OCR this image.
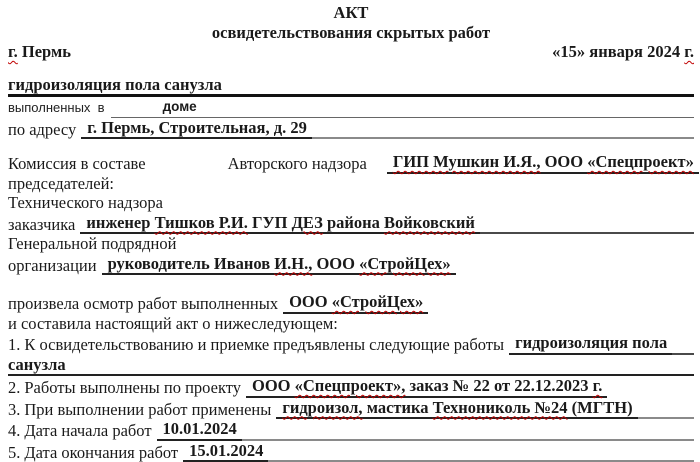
АКТ
освидетельствования скрытых работ
г. Пермь	«15» января 2024 г.
гидроизоляция пола санузла
выполненных  в	доме
по адресу г. Пермь, Строительная, д. 29
Комиссия в составе	Авторского надзора	ГИП Мушкин И.Я., ООО «Спецпроект»
председателей:
Технического надзора
заказчика инженер Тишков Р.И. ГУП ДЕЗ района Войковский
Генеральной подрядной
организации руководитель Иванов И.Н., ООО «СтройЦех»
произвела осмотр работ выполненных ООО «СтройЦех»
и составила настоящий акт о нижеследующем:
1. К освидетельствованию и приемке предъявлены следующие работы гидроизоляция пола
санузла
2. Работы выполнены по проекту ООО «Спецпроект», заказ № 22 от 22.12.2023 г.
3. При выполнении работ применены гидроизол, мастика Технониколь №24 (МГТН)
4. Дата начала работ 10.01.2024
5. Дата окончания работ 15.01.2024
